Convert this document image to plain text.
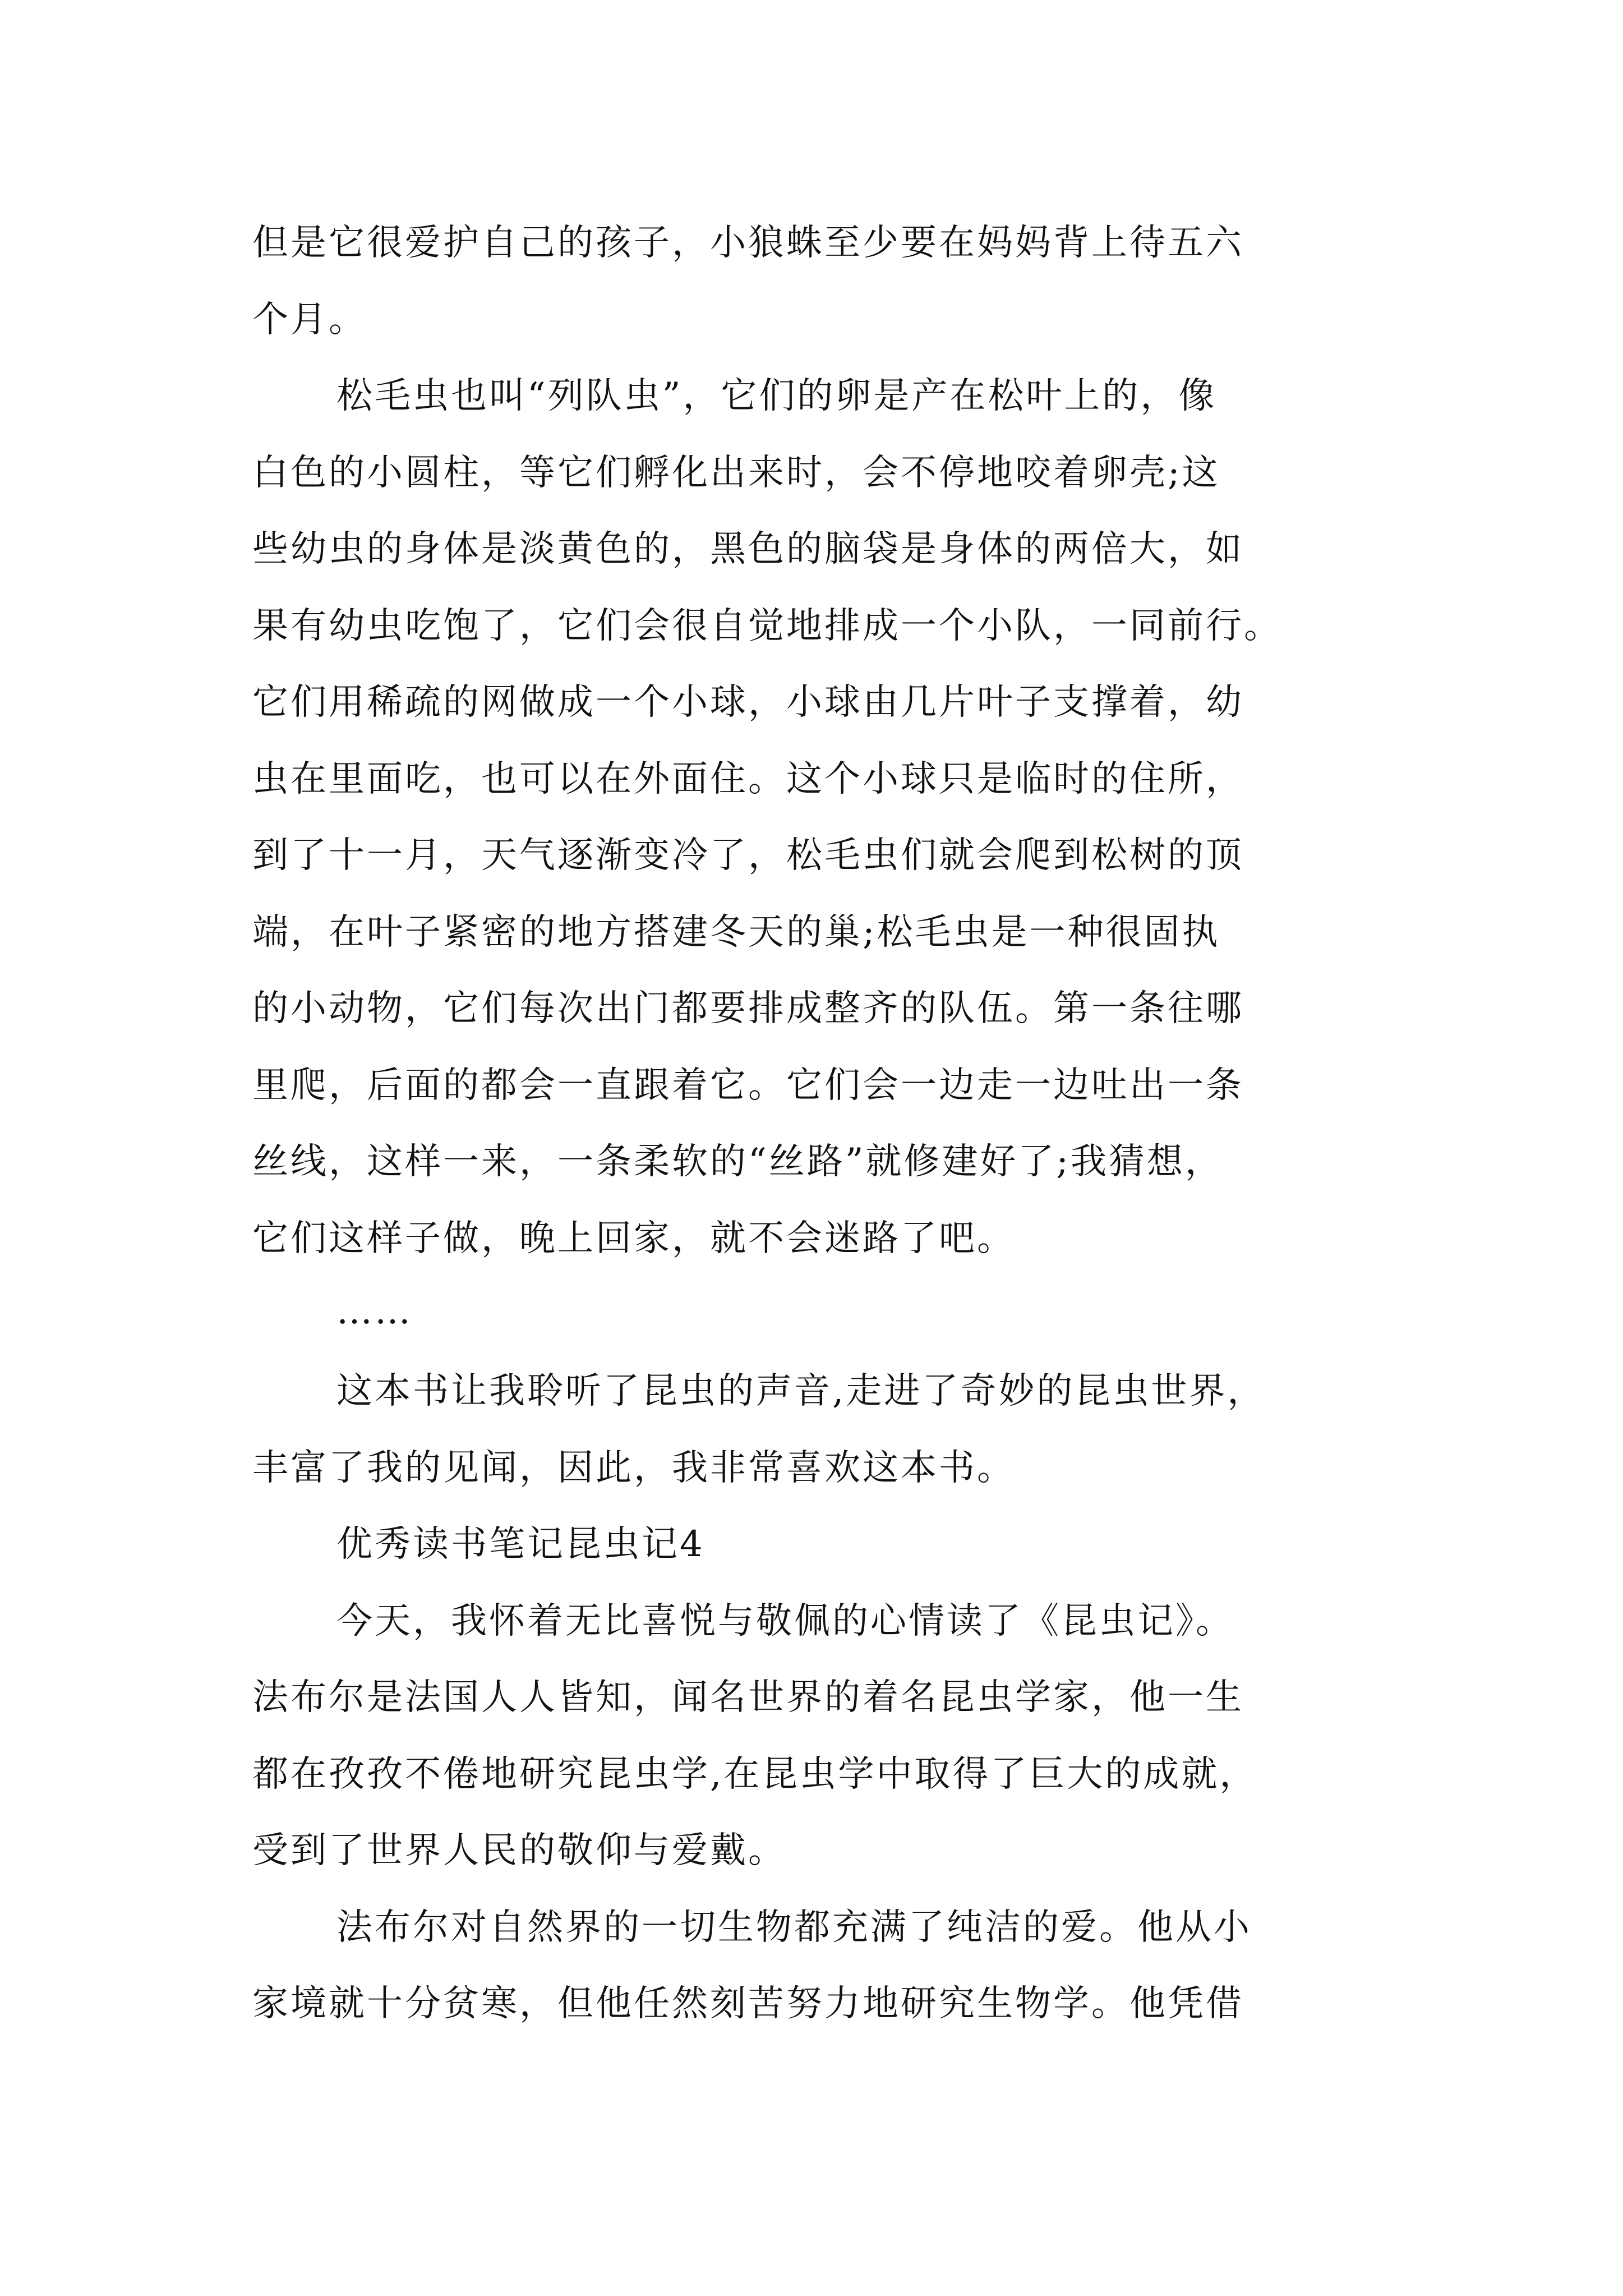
但是它很爱护自己的孩子，小狼蛛至少要在妈妈背上待五六
个月。
松毛虫也叫“列队虫”，它们的卵是产在松叶上的，像
白色的小圆柱，等它们孵化出来时，会不停地咬着卵壳;这
些幼虫的身体是淡黄色的，黑色的脑袋是身体的两倍大，如
果有幼虫吃饱了，它们会很自觉地排成一个小队，一同前行。
它们用稀疏的网做成一个小球，小球由几片叶子支撑着，幼
虫在里面吃，也可以在外面住。这个小球只是临时的住所，
到了十一月，天气逐渐变冷了，松毛虫们就会爬到松树的顶
端，在叶子紧密的地方搭建冬天的巢;松毛虫是一种很固执
的小动物，它们每次出门都要排成整齐的队伍。第一条往哪
里爬，后面的都会一直跟着它。它们会一边走一边吐出一条
丝线，这样一来，一条柔软的“丝路”就修建好了;我猜想，
它们这样子做，晚上回家，就不会迷路了吧。
……
这本书让我聆听了昆虫的声音,走进了奇妙的昆虫世界，
丰富了我的见闻，因此，我非常喜欢这本书。
优秀读书笔记昆虫记4
今天，我怀着无比喜悦与敬佩的心情读了《昆虫记》。
法布尔是法国人人皆知，闻名世界的着名昆虫学家，他一生
都在孜孜不倦地研究昆虫学,在昆虫学中取得了巨大的成就，
受到了世界人民的敬仰与爱戴。
法布尔对自然界的一切生物都充满了纯洁的爱。他从小
家境就十分贫寒，但他任然刻苦努力地研究生物学。他凭借
